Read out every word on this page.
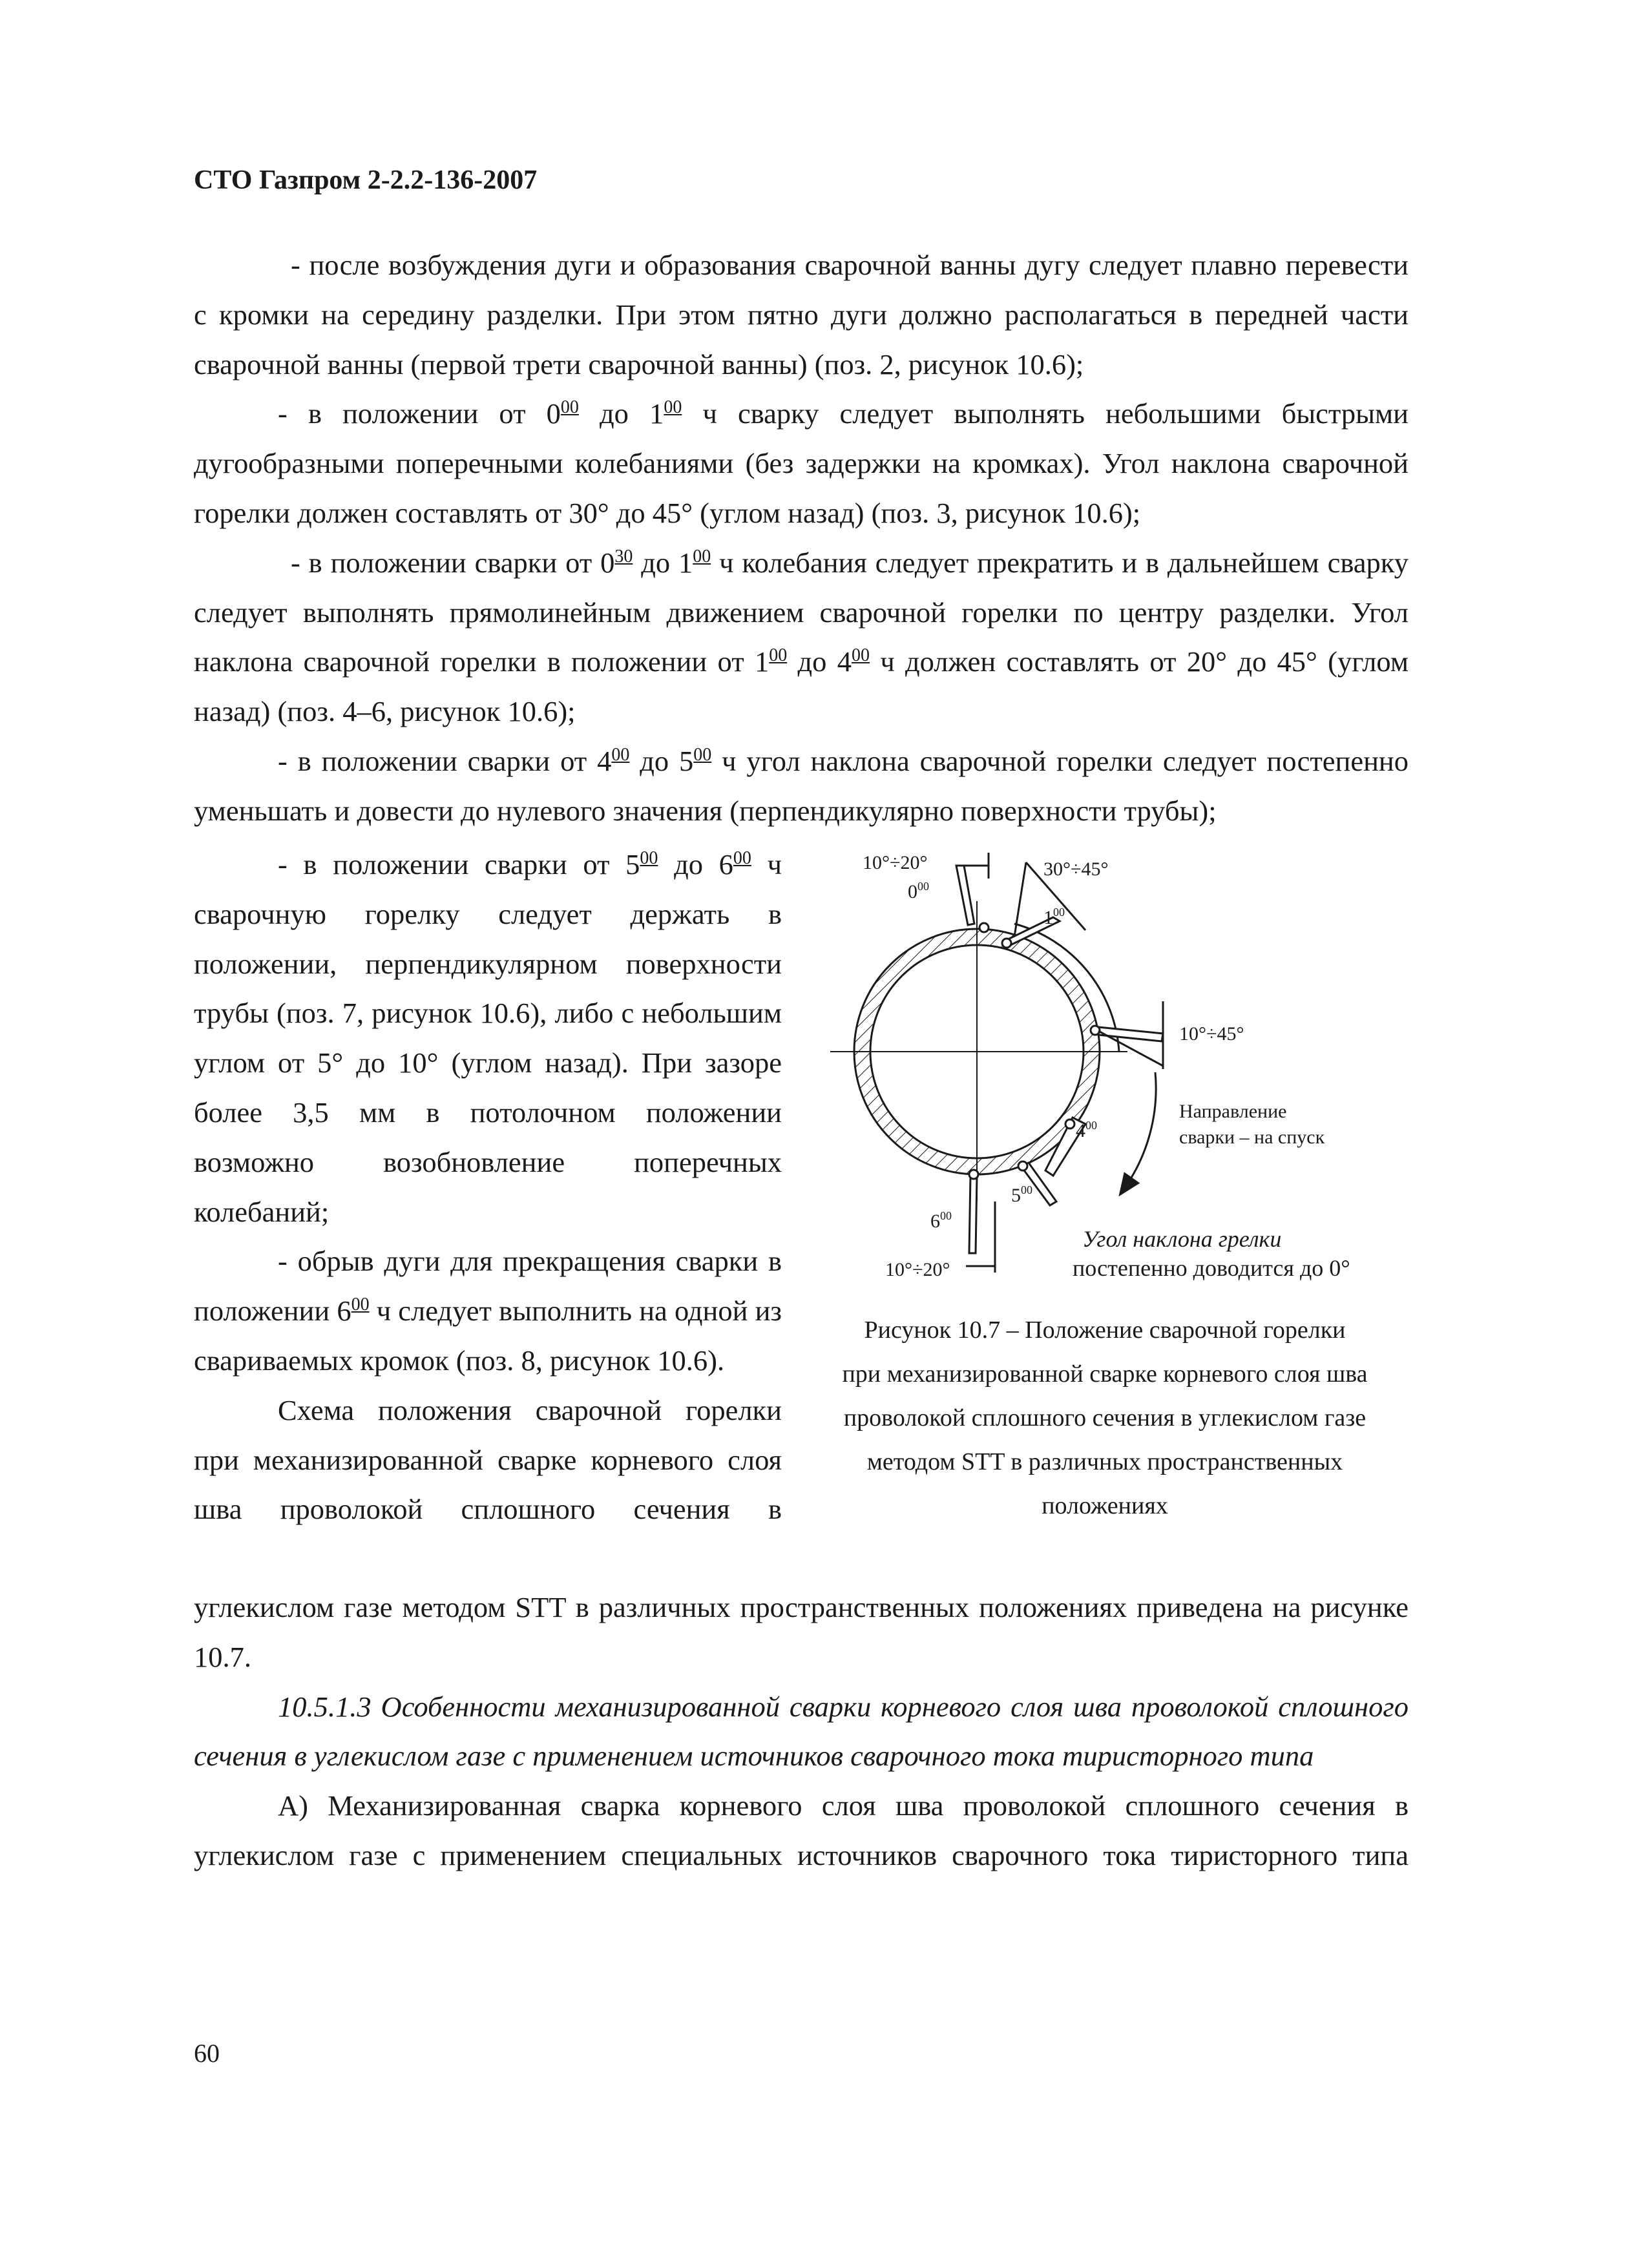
СТО Газпром 2-2.2-136-2007

- после возбуждения дуги и образования сварочной ванны дугу следует плавно перевести с кромки на середину разделки. При этом пятно дуги должно располагаться в передней части сварочной ванны (первой трети сварочной ванны) (поз. 2, рисунок 10.6);

- в положении от $0^{00}$ до $1^{00}$ ч сварку следует выполнять небольшими быстрыми дугообразными поперечными колебаниями (без задержки на кромках). Угол наклона сварочной горелки должен составлять от 30° до 45° (углом назад) (поз. 3, рисунок 10.6);

- в положении сварки от $0^{30}$ до $1^{00}$ ч колебания следует прекратить и в дальнейшем сварку следует выполнять прямолинейным движением сварочной горелки по центру разделки. Угол наклона сварочной горелки в положении от $1^{00}$ до $4^{00}$ ч должен составлять от 20° до 45° (углом назад) (поз. 4–6, рисунок 10.6);

- в положении сварки от $4^{00}$ до $5^{00}$ ч угол наклона сварочной горелки следует постепенно уменьшать и довести до нулевого значения (перпендикулярно поверхности трубы);

- в положении сварки от $5^{00}$ до $6^{00}$ ч сварочную горелку следует держать в положении, перпендикулярном поверхности трубы (поз. 7, рисунок 10.6), либо с небольшим углом от 5° до 10° (углом назад). При зазоре более 3,5 мм в потолочном положении возможно возобновление поперечных колебаний;

- обрыв дуги для прекращения сварки в положении $6^{00}$ ч следует выполнить на одной из свариваемых кромок (поз. 8, рисунок 10.6).

Схема положения сварочной горелки при механизированной сварке корневого слоя шва проволокой сплошного сечения в

10°÷20°	30°÷45°
$0^{00}$
$1^{00}$
10°÷45°
Направление
сварки – на спуск
$4^{00}$
$5^{00}$
$6^{00}$
10°÷20°
Угол наклона грелки
постепенно доводится до 0°
Рисунок 10.7 – Положение сварочной горелки
при механизированной сварке корневого слоя шва
проволокой сплошного сечения в углекислом газе
методом STT в различных пространственных
положениях

углекислом газе методом STT в различных пространственных положениях приведена на рисунке 10.7.

10.5.1.3 Особенности механизированной сварки корневого слоя шва проволокой сплошного сечения в углекислом газе с применением источников сварочного тока тиристорного типа

А) Механизированная сварка корневого слоя шва проволокой сплошного сечения в углекислом газе с применением специальных источников сварочного тока тиристорного типа

60
